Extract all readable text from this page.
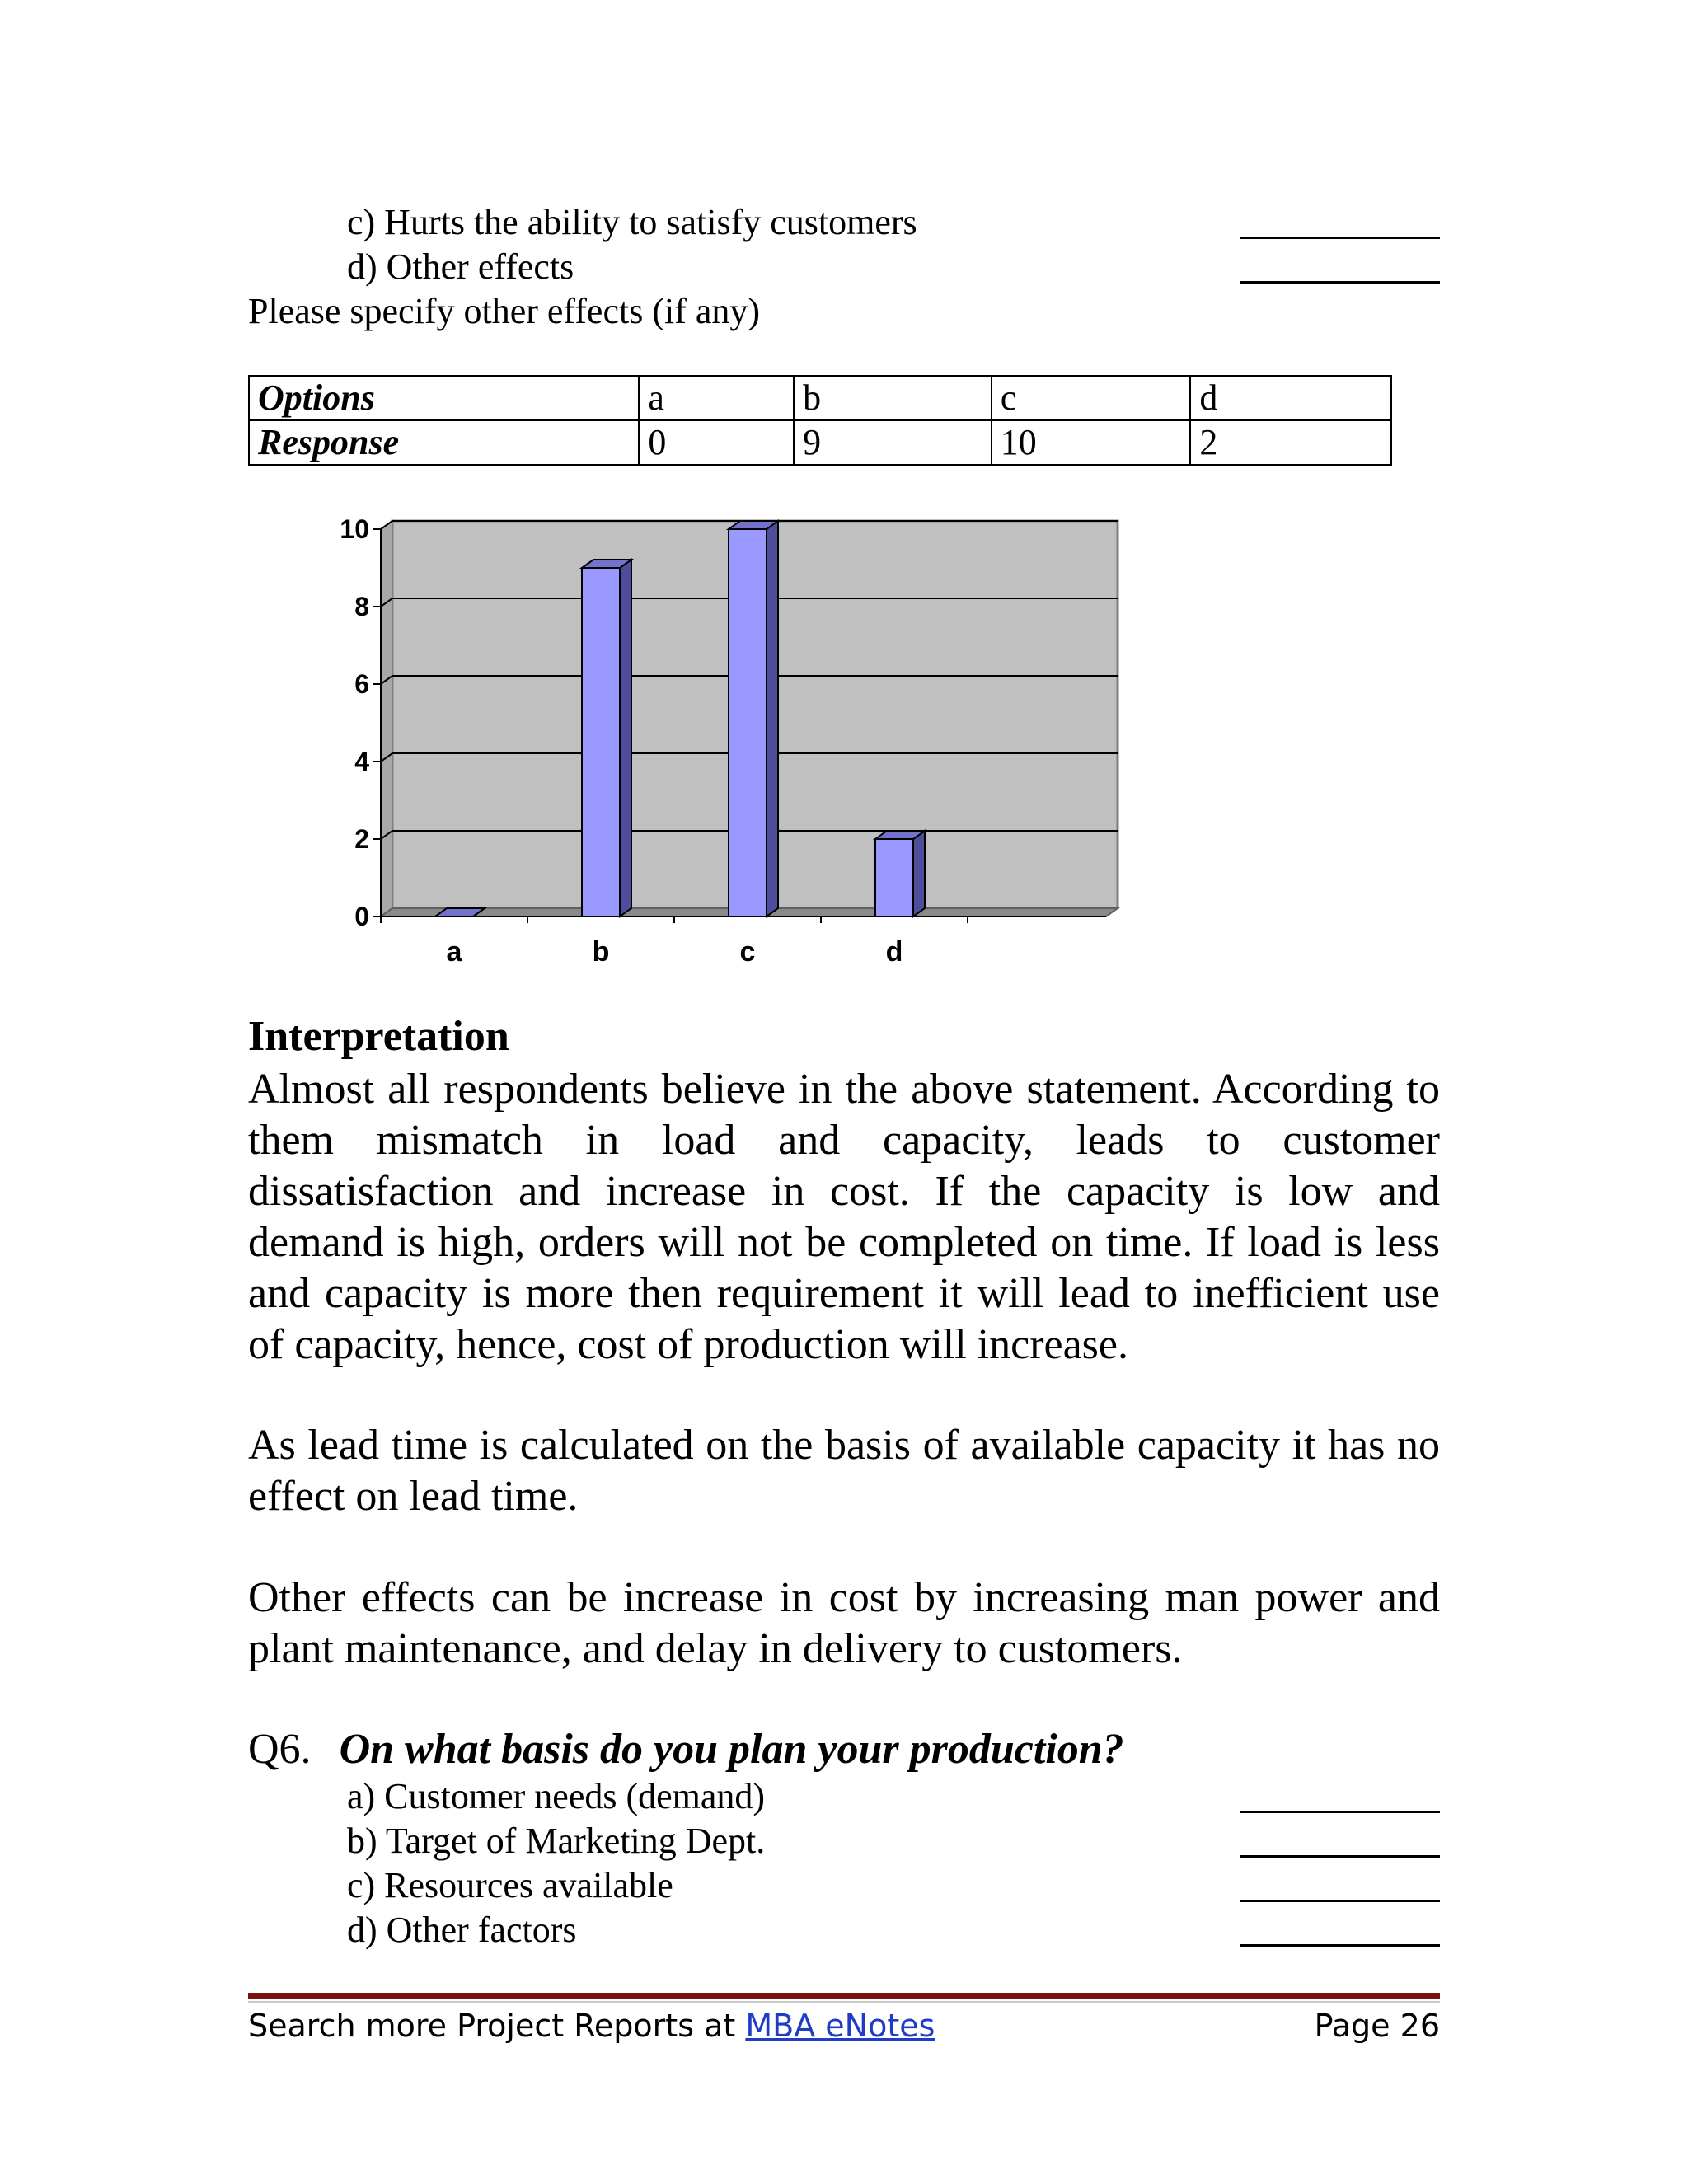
c) Hurts the ability to satisfy customers
d) Other effects
Please specify other effects (if any)
Options	a	b	c	d
Response	0	9	10	2
0
2
4
6
8
10
a	b	c	d
Interpretation

Almost all respondents believe in the above statement. According to them mismatch in load and capacity, leads to customer dissatisfaction and increase in cost. If the capacity is low and demand is high, orders will not be completed on time. If load is less and capacity is more then requirement it will lead to inefficient use of capacity, hence, cost of production will increase.

As lead time is calculated on the basis of available capacity it has no effect on lead time.

Other effects can be increase in cost by increasing man power and plant maintenance, and delay in delivery to customers.

Q6. On what basis do you plan your production?
a) Customer needs (demand)
b) Target of Marketing Dept.
c) Resources available
d) Other factors
Search more Project Reports at MBA eNotes	Page 26
